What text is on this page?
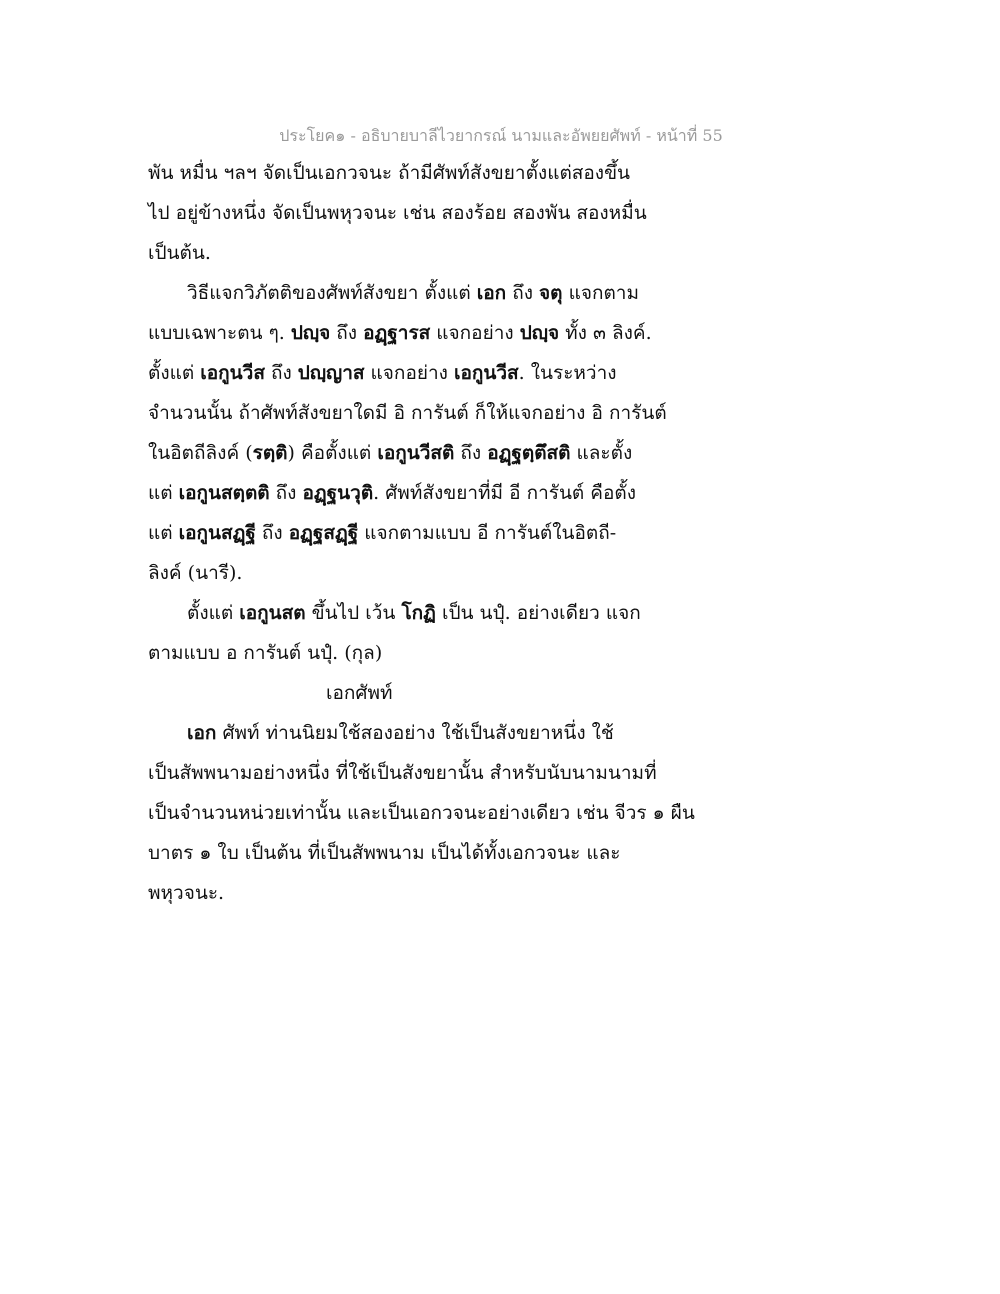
ประโยค๑ - อธิบายบาลีไวยากรณ์ นามและอัพยยศัพท์ - หน้าที่ 55
พัน หมื่น ฯลฯ จัดเป็นเอกวจนะ ถ้ามีศัพท์สังขยาตั้งแต่สองขึ้น
ไป อยู่ข้างหนึ่ง จัดเป็นพหุวจนะ เช่น สองร้อย สองพัน สองหมื่น
เป็นต้น.
วิธีแจกวิภัตติของศัพท์สังขยา ตั้งแต่ เอก ถึง จตุ แจกตาม
แบบเฉพาะตน ๆ. ปญฺจ ถึง อฏฺฐารส แจกอย่าง ปญฺจ ทั้ง ๓ ลิงค์.
ตั้งแต่ เอกูนวีส ถึง ปญฺญาส แจกอย่าง เอกูนวีส. ในระหว่าง
จำนวนนั้น ถ้าศัพท์สังขยาใดมี อิ การันต์ ก็ให้แจกอย่าง อิ การันต์
ในอิตถีลิงค์ (รตฺติ) คือตั้งแต่ เอกูนวีสติ ถึง อฏฺฐตฺตึสติ และตั้ง
แต่ เอกูนสตฺตติ ถึง อฏฺฐนวุติ. ศัพท์สังขยาที่มี อี การันต์ คือตั้ง
แต่ เอกูนสฏฺฐี ถึง อฏฺฐสฏฺฐี แจกตามแบบ อี การันต์ในอิตถี-
ลิงค์ (นารี).
ตั้งแต่ เอกูนสต ขึ้นไป เว้น โกฏิ เป็น นปุํ. อย่างเดียว แจก
ตามแบบ อ การันต์ นปุํ. (กุล)
เอกศัพท์
เอก ศัพท์ ท่านนิยมใช้สองอย่าง ใช้เป็นสังขยาหนึ่ง ใช้
เป็นสัพพนามอย่างหนึ่ง ที่ใช้เป็นสังขยานั้น สำหรับนับนามนามที่
เป็นจำนวนหน่วยเท่านั้น และเป็นเอกวจนะอย่างเดียว เช่น จีวร ๑ ผืน
บาตร ๑ ใบ เป็นต้น ที่เป็นสัพพนาม เป็นได้ทั้งเอกวจนะ และ
พหุวจนะ.
